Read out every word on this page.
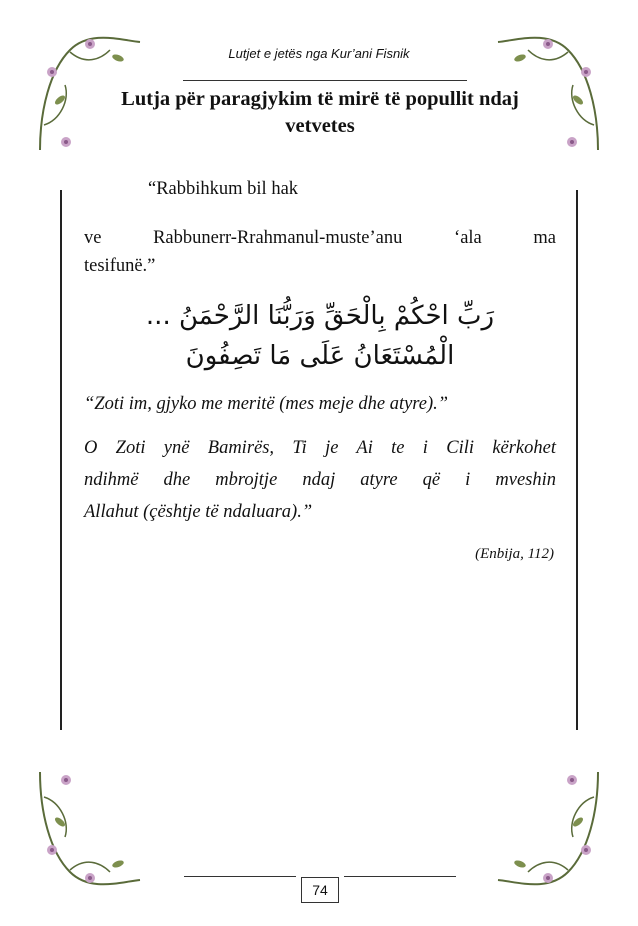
Lutjet e jetës nga Kur’ani Fisnik
Lutja për paragjykim të mirë të popullit ndaj
vetvetes

“Rabbihkum bil hak

ve Rabbunerr-Rrahmanul-muste’anu ‘ala ma

tesifunë.”

رَبِّ احْكُمْ بِالْحَقِّ وَرَبُّنَا الرَّحْمَنُ ...
الْمُسْتَعَانُ عَلَى مَا تَصِفُونَ

“Zoti im, gjyko me meritë (mes meje dhe atyre).”

O Zoti ynë Bamirës, Ti je Ai te i Cili kërkohet

ndihmë dhe mbrojtje ndaj atyre që i mveshin

Allahut (çështje të ndaluara).”

(Enbija, 112)
74
